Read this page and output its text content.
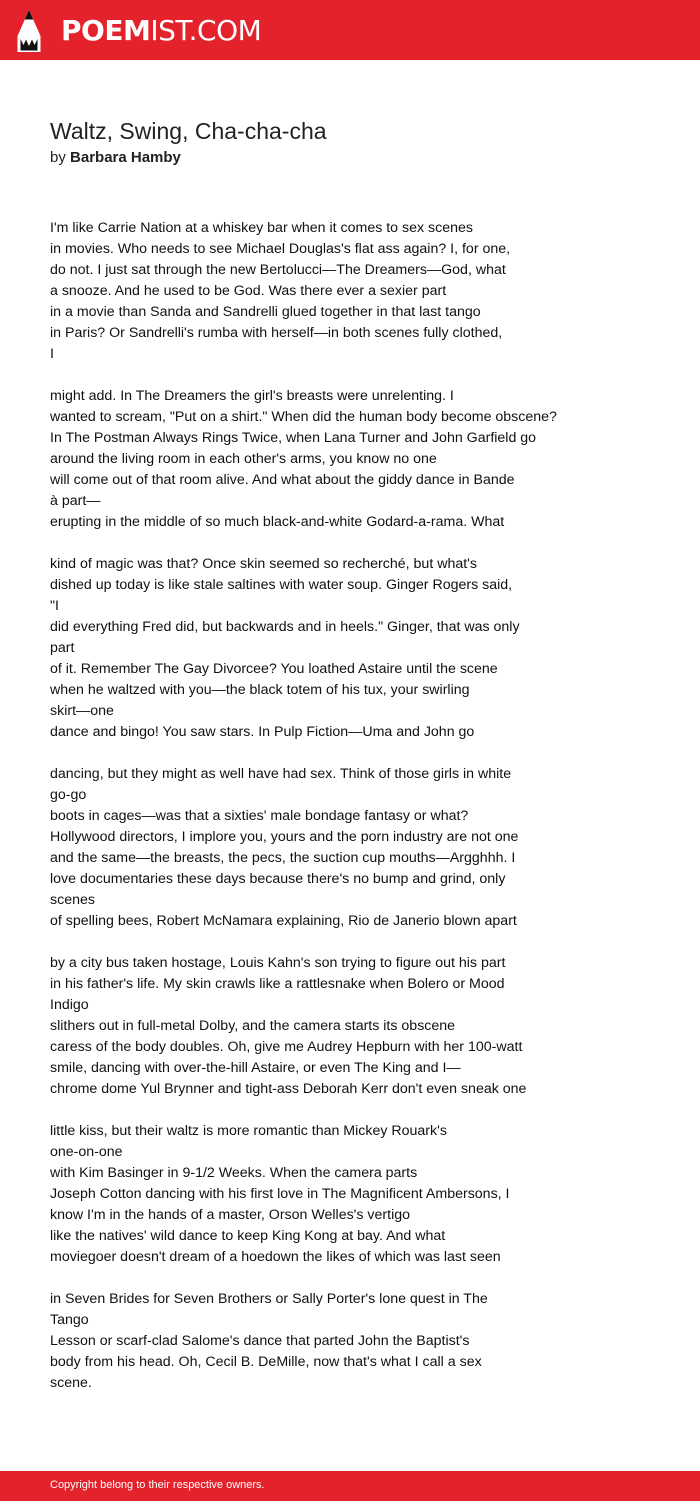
POEMIST.COM
Waltz, Swing, Cha-cha-cha
by Barbara Hamby
I'm like Carrie Nation at a whiskey bar when it comes to sex scenes
in movies. Who needs to see Michael Douglas's flat ass again? I, for one,
do not. I just sat through the new Bertolucci—The Dreamers—God, what
a snooze. And he used to be God. Was there ever a sexier part
in a movie than Sanda and Sandrelli glued together in that last tango
in Paris? Or Sandrelli's rumba with herself—in both scenes fully clothed,
I
might add. In The Dreamers the girl's breasts were unrelenting. I
wanted to scream, "Put on a shirt." When did the human body become obscene?
In The Postman Always Rings Twice, when Lana Turner and John Garfield go
around the living room in each other's arms, you know no one
will come out of that room alive. And what about the giddy dance in Bande
à part—
erupting in the middle of so much black-and-white Godard-a-rama. What
kind of magic was that? Once skin seemed so recherché, but what's
dished up today is like stale saltines with water soup. Ginger Rogers said,
"I
did everything Fred did, but backwards and in heels." Ginger, that was only
part
of it. Remember The Gay Divorcee? You loathed Astaire until the scene
when he waltzed with you—the black totem of his tux, your swirling
skirt—one
dance and bingo! You saw stars. In Pulp Fiction—Uma and John go
dancing, but they might as well have had sex. Think of those girls in white
go-go
boots in cages—was that a sixties' male bondage fantasy or what?
Hollywood directors, I implore you, yours and the porn industry are not one
and the same—the breasts, the pecs, the suction cup mouths—Argghhh. I
love documentaries these days because there's no bump and grind, only
scenes
of spelling bees, Robert McNamara explaining, Rio de Janerio blown apart
by a city bus taken hostage, Louis Kahn's son trying to figure out his part
in his father's life. My skin crawls like a rattlesnake when Bolero or Mood
Indigo
slithers out in full-metal Dolby, and the camera starts its obscene
caress of the body doubles. Oh, give me Audrey Hepburn with her 100-watt
smile, dancing with over-the-hill Astaire, or even The King and I—
chrome dome Yul Brynner and tight-ass Deborah Kerr don't even sneak one
little kiss, but their waltz is more romantic than Mickey Rouark's
one-on-one
with Kim Basinger in 9-1/2 Weeks. When the camera parts
Joseph Cotton dancing with his first love in The Magnificent Ambersons, I
know I'm in the hands of a master, Orson Welles's vertigo
like the natives' wild dance to keep King Kong at bay. And what
moviegoer doesn't dream of a hoedown the likes of which was last seen
in Seven Brides for Seven Brothers or Sally Porter's lone quest in The
Tango
Lesson or scarf-clad Salome's dance that parted John the Baptist's
body from his head. Oh, Cecil B. DeMille, now that's what I call a sex
scene.
Copyright belong to their respective owners.
